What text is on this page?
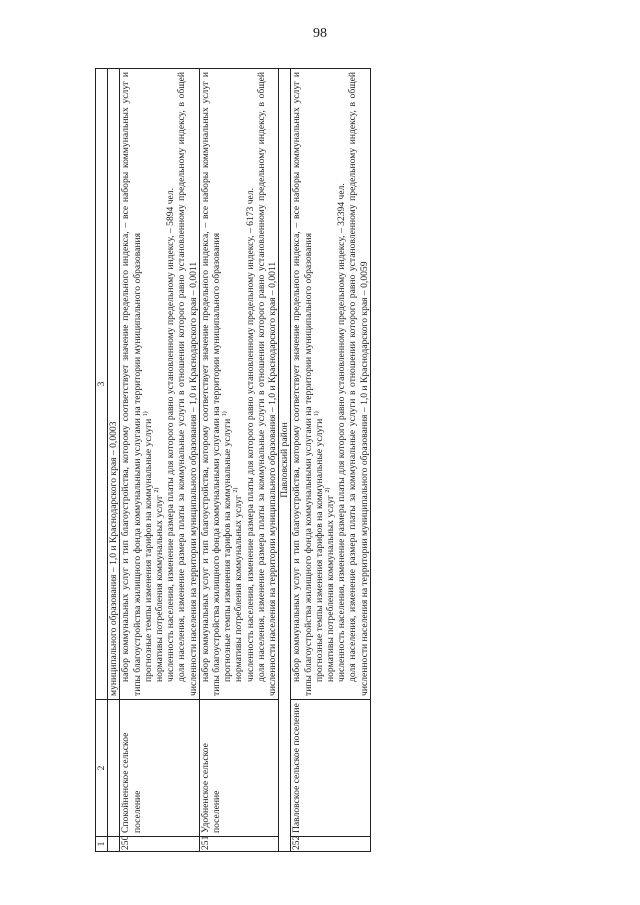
98
1	2	3
		муниципального образования – 1,0 и Краснодарского края – 0,0003
250	Спокойненское сельское поселение	набор коммунальных услуг и тип благоустройства, которому соответствует значение предельного индекса, – все наборы коммунальных услуг и типы благоустройства жилищного фонда коммунальными услугами на территории муниципального образования прогнозные темпы изменения тарифов на коммунальные услуги $^{1)}$
нормативы потребления коммунальных услуг $^{2)}$ численность населения, изменение размера платы для которого равно установленному предельному индексу, – 5894 чел. доля населения, изменение размера платы за коммунальные услуги в отношении которого равно установленному предельному индексу, в общей численности населения на территории муниципального образования – 1,0 и Краснодарского края – 0,0011

251	Удобненское сельское поселение	набор коммунальных услуг и тип благоустройства, которому соответствует значение предельного индекса, – все наборы коммунальных услуг и типы благоустройства жилищного фонда коммунальными услугами на территории муниципального образования прогнозные темпы изменения тарифов на коммунальные услуги $^{1)}$
нормативы потребления коммунальных услуг $^{2)}$ численность населения, изменение размера платы для которого равно установленному предельному индексу, – 6173 чел. доля населения, изменение размера платы за коммунальные услуги в отношении которого равно установленному предельному индексу, в общей численности населения на территории муниципального образования – 1,0 и Краснодарского края – 0,0011

Павловский район		
252	Павловское сельское поселение	набор коммунальных услуг и тип благоустройства, которому соответствует значение предельного индекса, – все наборы коммунальных услуг и типы благоустройства жилищного фонда коммунальными услугами на территории муниципального образования прогнозные темпы изменения тарифов на коммунальные услуги $^{1)}$
нормативы потребления коммунальных услуг $^{2)}$ численность населения, изменение размера платы для которого равно установленному предельному индексу, – 32394 чел. доля населения, изменение размера платы за коммунальные услуги в отношении которого равно установленному предельному индексу, в общей численности населения на территории муниципального образования – 1,0 и Краснодарского края – 0,0059
